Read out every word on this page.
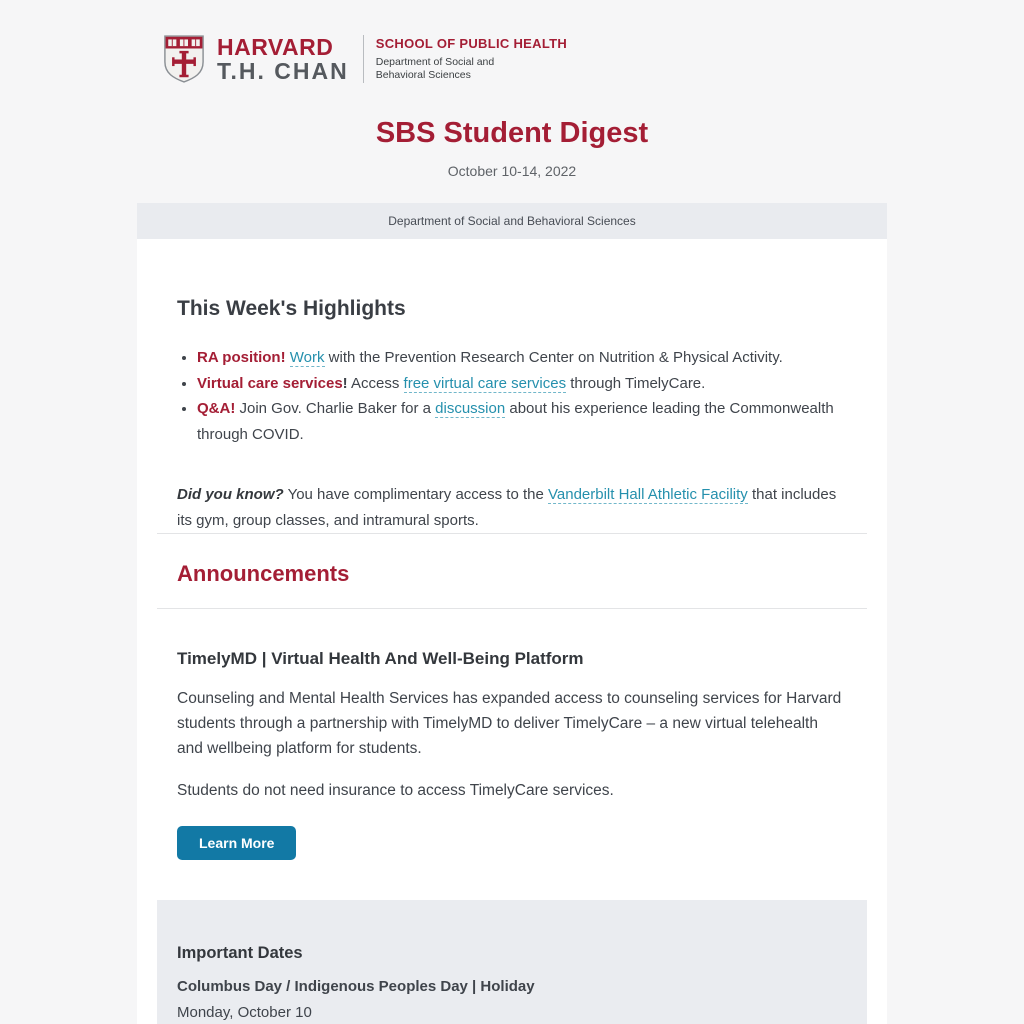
HARVARD
T.H. CHAN
SCHOOL OF PUBLIC HEALTH
Department of Social and
Behavioral Sciences
SBS Student Digest
October 10-14, 2022
Department of Social and Behavioral Sciences
This Week's Highlights
• RA position! Work with the Prevention Research Center on Nutrition & Physical Activity.
• Virtual care services! Access free virtual care services through TimelyCare.
• Q&A! Join Gov. Charlie Baker for a discussion about his experience leading the Commonwealth through COVID.

Did you know? You have complimentary access to the Vanderbilt Hall Athletic Facility that includes its gym, group classes, and intramural sports.

Announcements
TimelyMD | Virtual Health And Well-Being Platform

Counseling and Mental Health Services has expanded access to counseling services for Harvard students through a partnership with TimelyMD to deliver TimelyCare – a new virtual telehealth and wellbeing platform for students.

Students do not need insurance to access TimelyCare services.

Learn More
Important Dates

Columbus Day / Indigenous Peoples Day | Holiday

Monday, October 10
